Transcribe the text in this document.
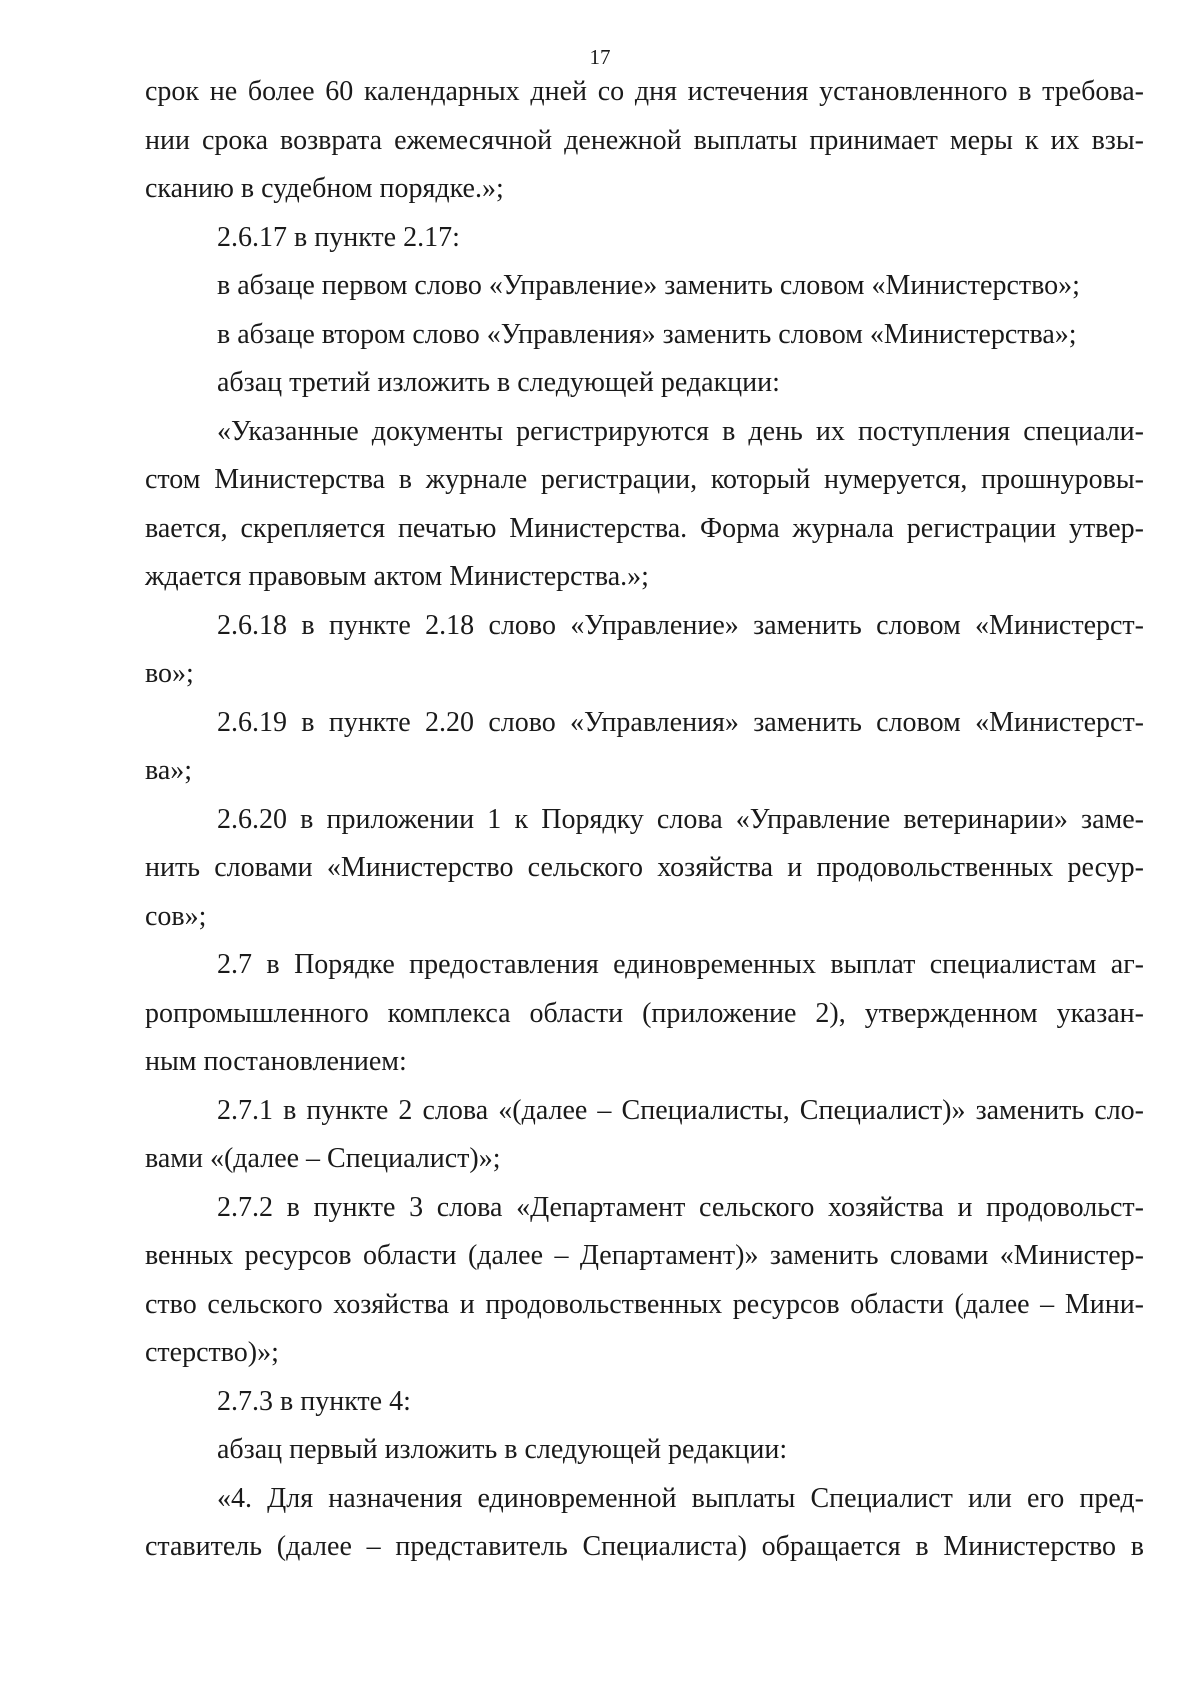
17
срок не более 60 календарных дней со дня истечения установленного в требова-
нии срока возврата ежемесячной денежной выплаты принимает меры к их взы-
сканию в судебном порядке.»;
2.6.17 в пункте 2.17:
в абзаце первом слово «Управление» заменить словом «Министерство»;
в абзаце втором слово «Управления» заменить словом «Министерства»;
абзац третий изложить в следующей редакции:
«Указанные документы регистрируются в день их поступления специали-
стом Министерства в журнале регистрации, который нумеруется, прошнуровы-
вается, скрепляется печатью Министерства. Форма журнала регистрации утвер-
ждается правовым актом Министерства.»;
2.6.18 в пункте 2.18 слово «Управление» заменить словом «Министерст-
во»;
2.6.19 в пункте 2.20 слово «Управления» заменить словом «Министерст-
ва»;
2.6.20 в приложении 1 к Порядку слова «Управление ветеринарии» заме-
нить словами «Министерство сельского хозяйства и продовольственных ресур-
сов»;
2.7 в Порядке предоставления единовременных выплат специалистам аг-
ропромышленного комплекса области (приложение 2), утвержденном указан-
ным постановлением:
2.7.1 в пункте 2 слова «(далее – Специалисты, Специалист)» заменить сло-
вами «(далее – Специалист)»;
2.7.2 в пункте 3 слова «Департамент сельского хозяйства и продовольст-
венных ресурсов области (далее – Департамент)» заменить словами «Министер-
ство сельского хозяйства и продовольственных ресурсов области (далее – Мини-
стерство)»;
2.7.3 в пункте 4:
абзац первый изложить в следующей редакции:
«4. Для назначения единовременной выплаты Специалист или его пред-
ставитель (далее – представитель Специалиста) обращается в Министерство в
